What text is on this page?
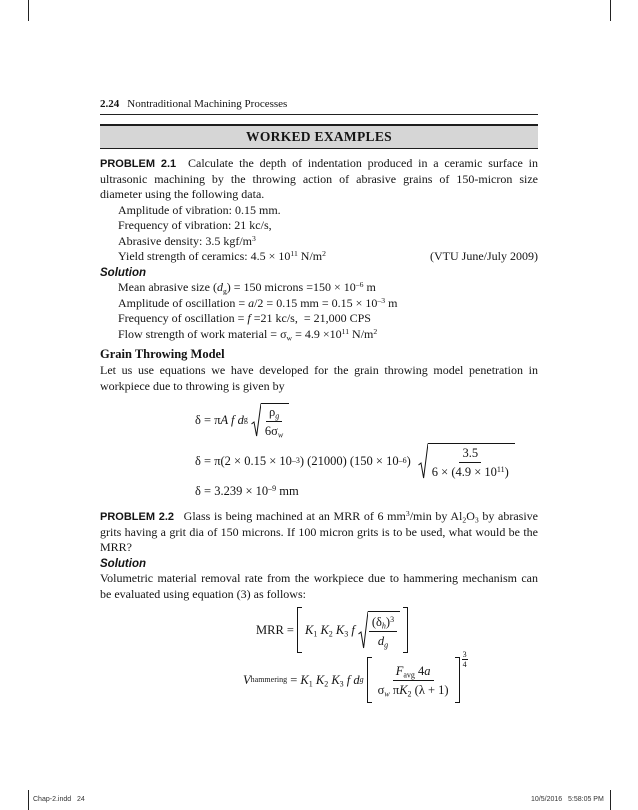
2.24 Nontraditional Machining Processes
WORKED EXAMPLES
PROBLEM 2.1 Calculate the depth of indentation produced in a ceramic surface in
ultrasonic machining by the throwing action of abrasive grains of 150-micron size
diameter using the following data.
Amplitude of vibration: 0.15 mm.
Frequency of vibration: 21 kc/s,
Abrasive density: 3.5 kgf/$m^3$
Yield strength of ceramics: $4.5 \times 10^{11}$ $N/m^2$	(VTU June/July 2009)
Solution
Mean abrasive size (dg) = 150 microns $=150 \times 10^{-6}$ m
Amplitude of oscillation = a/2 = 0.15 mm = $0.15 \times 10^{-3}$ m
Frequency of oscillation = f =21 kc/s,  = 21,000 CPS
Flow strength of work material = $\sigma w = 4.9 \times 10^{11}$ $N/m^2$
Grain Throwing Model
Let us use equations we have developed for the grain throwing model penetration in
workpiece due to throwing is given by
δ = π A f d g $\frac{\rho g}{6\sigma w}$
δ = π(2 × 0.15 × 10 –3 ) (21000) (150 × 10 –6 ) $\frac{3.5}{6 \times (4.9 \times 10^{11})}$
$\delta = 3.239 \times 10^{-9}$ mm
PROBLEM 2.2 Glass is being machined at an MRR of 6 $mm^3/\min$ by Al2O3 by abrasive
grits having a grit dia of 150 microns. If 100 micron grits is to be used, what would be the
MRR?
Solution
Volumetric material removal rate from the workpiece due to hammering mechanism can
be evaluated using equation (3) as follows:
MRR = K1
K2
K3
f $\frac{(\delta h)^3}{dg}$
V hammering
=
K1
K2
K3
f
d g $\frac{\text{Favg 4a}}{\text{σw πK2 (λ + 1)}}$
$\frac{3}{4}$
Chap-2.indd 24	10/5/2016 5:58:05 PM
